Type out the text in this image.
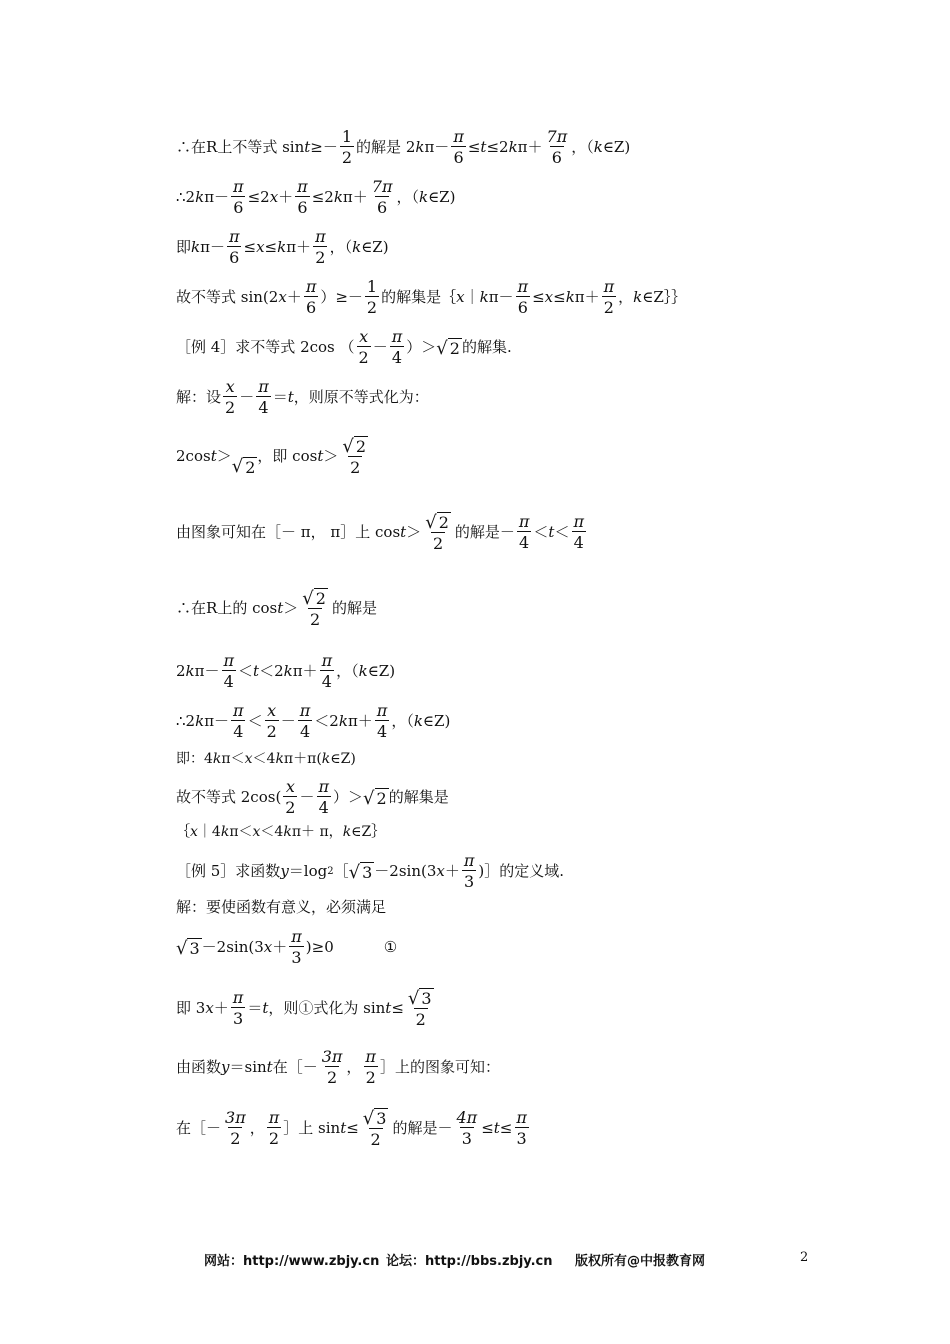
∴在 R 上不等式 $\sin t \ge- \frac{1}{2}$ 的解是 2 k $\pi- \frac{\pi}{6} \le t \le 2$ k $\pi+ \frac{7\pi}{6}$ ，（ k ∈Z)
∴2 k $\pi- \frac{\pi}{6} \le 2$ $x + \frac{\pi}{6} \le 2$ k $\pi+ \frac{7\pi}{6}$ ，（ k ∈Z)
即 k $\pi- \frac{\pi}{6} \le x \le k$ $\pi+ \frac{\pi}{2}$ ，（ k ∈Z)
故不等式 sin(2 $x + \frac{\pi}{6}$ ）≥－ $\frac{1}{2}$ 的解集是｛ x ｜ k $\pi- \frac{\pi}{6} \le x \le k$ $\pi+ \frac{\pi}{2}$ ， k ∈Z｝｝
［例 4］求不等式 2cos （ $\frac{x}{2} - \frac{\pi}{4}$ ）＞ √ 2 的解集.
解：设 $\frac{x}{2} - \frac{\pi}{4} = t$ ，则原不等式化为：
2cos t ＞
√ 2
，即 $\cos t > \frac{√ 2}{2}$
由图象可知在［－ π， π］上 $\cos t > \frac{√ 2}{2}$ 的解是－ $\frac{\pi}{4} < t < \frac{\pi}{4}$
∴在 R 上的 $\cos t > \frac{√ 2}{2}$ 的解是
2 k $\pi- \frac{\pi}{4} < t <2$ k $\pi+ \frac{\pi}{4}$ ，（ k ∈Z)
∴2 k $\pi- \frac{\pi}{4} < \frac{x}{2} - \frac{\pi}{4} <2$ k $\pi+ \frac{\pi}{4}$ ，（ k ∈Z)
即：4 k π＜ x ＜4 k π＋π( k ∈Z)
故不等式 $2\cos( \frac{x}{2} - \frac{\pi}{4}$ ）＞ √ 2 的解集是
｛ x ｜4 k π＜ x ＜4 k π＋ π， k ∈Z｝
［例 5］求函数 y ＝log 2 ［ √ 3 －2sin(3 $x + \frac{\pi}{3}$ )］的定义域.
解：要使函数有意义，必须满足
√ 3 －2sin(3 $x + \frac{\pi}{3} )\ge 0$	①
即 3 $x + \frac{\pi}{3} = t$ ，则①式化为 $\sin t \le \frac{√ 3}{2}$
由函数 y ＝sin t 在［－ $\frac{3\pi}{2}$ ， $\frac{\pi}{2}$ ］上的图象可知：
在［－ $\frac{3\pi}{2}$ ， $\frac{\pi}{2}$ ］上 $\sin t \le \frac{√ 3}{2}$ 的解是－ $\frac{4\pi}{3} \le t \le \frac{\pi}{3}$
网站：http://www.zbjy.cn 论坛：http://bbs.zbjy.cn 版权所有@中报教育网	2
